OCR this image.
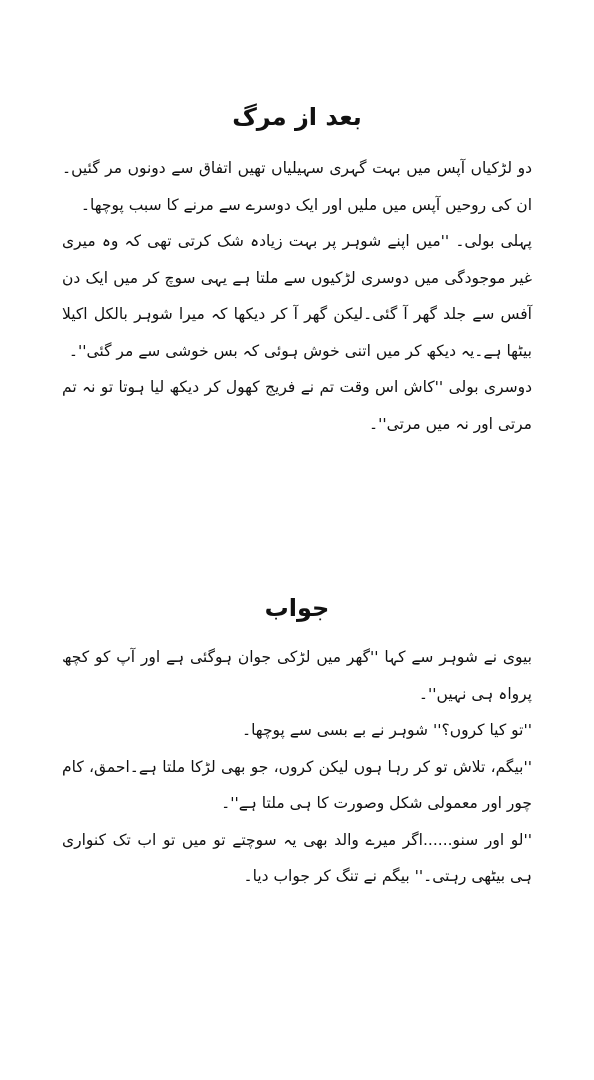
بعد از مرگ

دو لڑکیاں آپس میں بہت گہری سہیلیاں تھیں اتفاق سے دونوں مر گئیں۔ان کی روحیں آپس میں ملیں اور ایک دوسرے سے مرنے کا سبب پوچھا۔

پہلی بولی۔ ''میں اپنے شوہر پر بہت زیادہ شک کرتی تھی کہ وہ میری غیر موجودگی میں دوسری لڑکیوں سے ملتا ہے یہی سوچ کر میں ایک دن آفس سے جلد گھر آ گئی۔لیکن گھر آ کر دیکھا کہ میرا شوہر بالکل اکیلا بیٹھا ہے۔یہ دیکھ کر میں اتنی خوش ہوئی کہ بس خوشی سے مر گئی''۔

دوسری بولی ''کاش اس وقت تم نے فریج کھول کر دیکھ لیا ہوتا تو نہ تم مرتی اور نہ میں مرتی''۔

جواب

بیوی نے شوہر سے کہا ''گھر میں لڑکی جوان ہوگئی ہے اور آپ کو کچھ پرواہ ہی نہیں''۔

''تو کیا کروں؟'' شوہر نے بے بسی سے پوچھا۔

''بیگم، تلاش تو کر رہا ہوں لیکن کروں، جو بھی لڑکا ملتا ہے۔احمق، کام چور اور معمولی شکل وصورت کا ہی ملتا ہے''۔

''لو اور سنو......اگر میرے والد بھی یہ سوچتے تو میں تو اب تک کنواری ہی بیٹھی رہتی۔'' بیگم نے تنگ کر جواب دیا۔
